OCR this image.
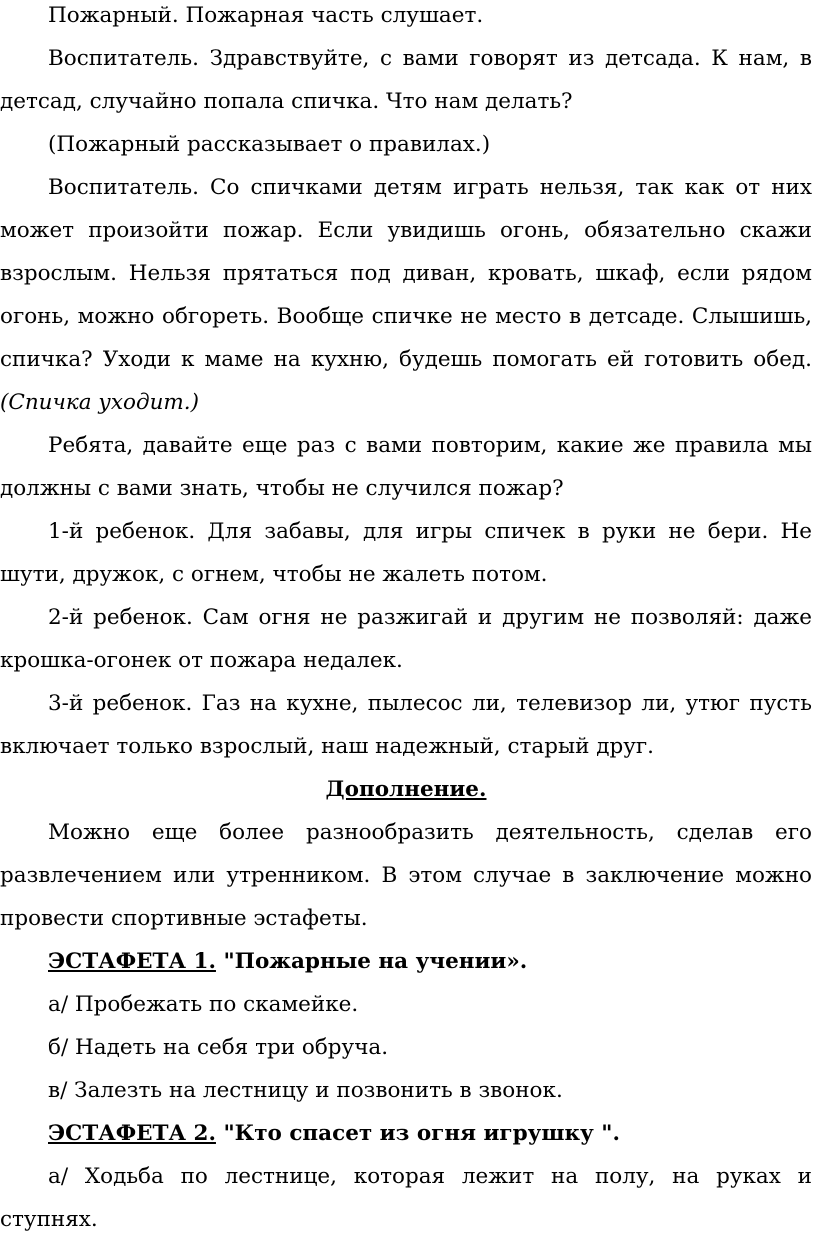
Пожарный. Пожарная часть слушает.

Воспитатель. Здравствуйте, с вами говорят из детсада. К нам, в детсад, случайно попала спичка. Что нам делать?

(Пожарный рассказывает о правилах.)

Воспитатель. Со спичками детям играть нельзя, так как от них может произойти пожар. Если увидишь огонь, обязательно скажи взрослым. Нельзя прятаться под диван, кровать, шкаф, если рядом огонь, можно обгореть. Вообще спичке не место в детсаде. Слышишь, спичка? Уходи к маме на кухню, будешь помогать ей готовить обед. (Спичка уходит.)

Ребята, давайте еще раз с вами повторим, какие же правила мы должны с вами знать, чтобы не случился пожар?

1-й ребенок. Для забавы, для игры спичек в руки не бери. Не шути, дружок, с огнем, чтобы не жалеть потом.

2-й ребенок. Сам огня не разжигай и другим не позволяй: даже крошка-огонек от пожара недалек.

3-й ребенок. Газ на кухне, пылесос ли, телевизор ли, утюг пусть включает только взрослый, наш надежный, старый друг.

Дополнение.

Можно еще более разнообразить деятельность, сделав его развлечением или утренником. В этом случае в заключение можно провести спортивные эстафеты.

ЭСТАФЕТА 1. "Пожарные на учении».

а/ Пробежать по скамейке.

б/ Надеть на себя три обруча.

в/ Залезть на лестницу и позвонить в звонок.

ЭСТАФЕТА 2. "Кто спасет из огня игрушку ".

а/ Ходьба по лестнице, которая лежит на полу, на руках и ступнях.
